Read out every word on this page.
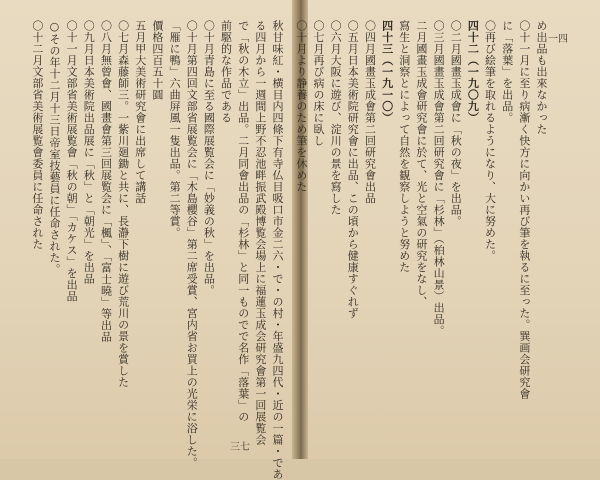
秋甘味紅・横目内四條下有寺仏目吸口市金二六・で・の村・年盛九四代・近の一篇・であ

る四月から一週間上野不忍池畔振武殿博覧会場上に福蓮玉成会研究會第一回展覧会

で「秋の木立」出品。二月同會出品の「杉林」と同一ものでで名作「落葉」の

前駆的な作品である

〇十月青島に至る國際展覧会に「妙義の秋」を出品。

〇十月第四回文部省展覧会に「木島櫻谷」第二席受賞、宮内省お買上の光栄に浴した。

「雁に鴨」六曲屏風一隻出品。第二等賞。

價格四百五十圓

五月甲大美術研究會に出席して講話

〇七月森藤師三。一紫川廻鋤と共に、長瀞下樹に遊び荒川の景を賞した

〇八月無曾會、國畫會第三回展覧会に「楓」、「富士曉」等出品

〇九月日本美術院出品展に「秋」と「朝光」を出品

〇十一月文部省美術展覧會「秋の朝」「カケス」を出品

○その年十二月十三日帝室技藝員に任命された。

〇十二月文部省美術展覧會委員に任命された	め出品も出來なかった

〇十一月に至り病漸く快方に向かい再び筆を執るに至った。巽画会研究會

に「落葉」を出品。

〇再び絵筆を取れるようになり、大に努めた。

四十二（一九〇九）

〇二月國畫玉成會に「秋の夜」を出品。

〇三月國畫玉成會第二回研究會に「杉林」（柏林山景）出品。

二月國畫玉成會研究會に於て、光と空氣の研究をなし、

寫生と洞察とによって自然を観察しようと努めた

四十三（一九一〇）

〇四月國畫玉成會第二回研究會出品

〇五月日本美術院研究會に出品、この頃から健康すぐれず

〇六月大阪に遊び、淀川の景を寫した

〇七月再び病の床に臥し

〇十月より静養のため筆を休めた

三七
一四
